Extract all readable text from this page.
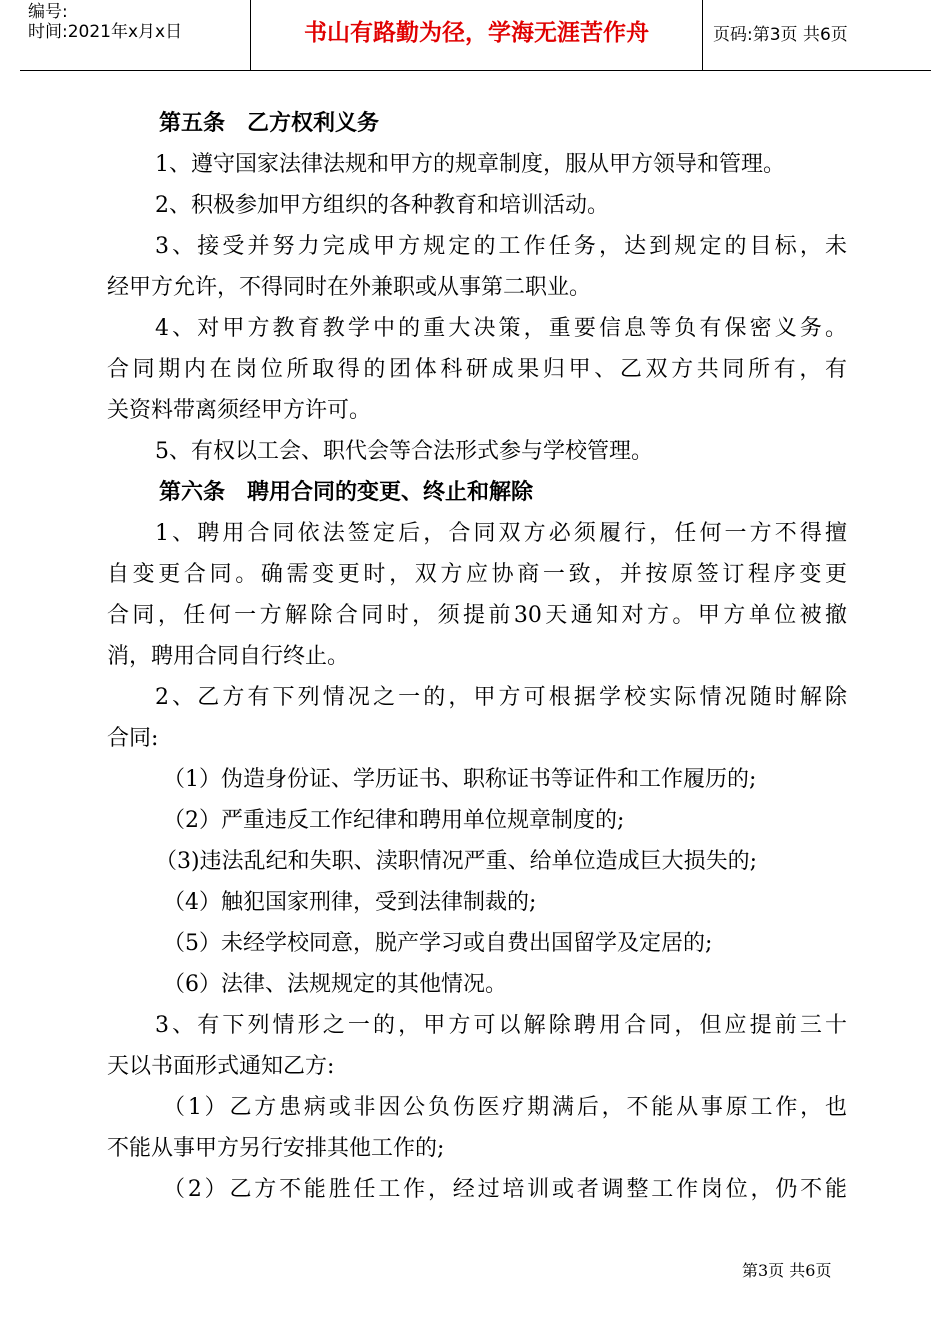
编号:
时间:2021年x月x日	书山有路勤为径，学海无涯苦作舟	页码:第3页 共6页
第五条　乙方权利义务
1、遵守国家法律法规和甲方的规章制度，服从甲方领导和管理。
2、积极参加甲方组织的各种教育和培训活动。
3、接受并努力完成甲方规定的工作任务，达到规定的目标，未
经甲方允许，不得同时在外兼职或从事第二职业。
4、对甲方教育教学中的重大决策，重要信息等负有保密义务。
合同期内在岗位所取得的团体科研成果归甲、乙双方共同所有，有
关资料带离须经甲方许可。
5、有权以工会、职代会等合法形式参与学校管理。
第六条　聘用合同的变更、终止和解除
1、聘用合同依法签定后，合同双方必须履行，任何一方不得擅
自变更合同。确需变更时，双方应协商一致，并按原签订程序变更
合同，任何一方解除合同时，须提前30天通知对方。甲方单位被撤
消，聘用合同自行终止。
2、乙方有下列情况之一的，甲方可根据学校实际情况随时解除
合同:
（1）伪造身份证、学历证书、职称证书等证件和工作履历的;
（2）严重违反工作纪律和聘用单位规章制度的;
（3)违法乱纪和失职、渎职情况严重、给单位造成巨大损失的;
（4）触犯国家刑律，受到法律制裁的;
（5）未经学校同意，脱产学习或自费出国留学及定居的;
（6）法律、法规规定的其他情况。
3、有下列情形之一的，甲方可以解除聘用合同，但应提前三十
天以书面形式通知乙方:
（1）乙方患病或非因公负伤医疗期满后，不能从事原工作，也
不能从事甲方另行安排其他工作的;
（2）乙方不能胜任工作，经过培训或者调整工作岗位，仍不能
第3页 共6页
